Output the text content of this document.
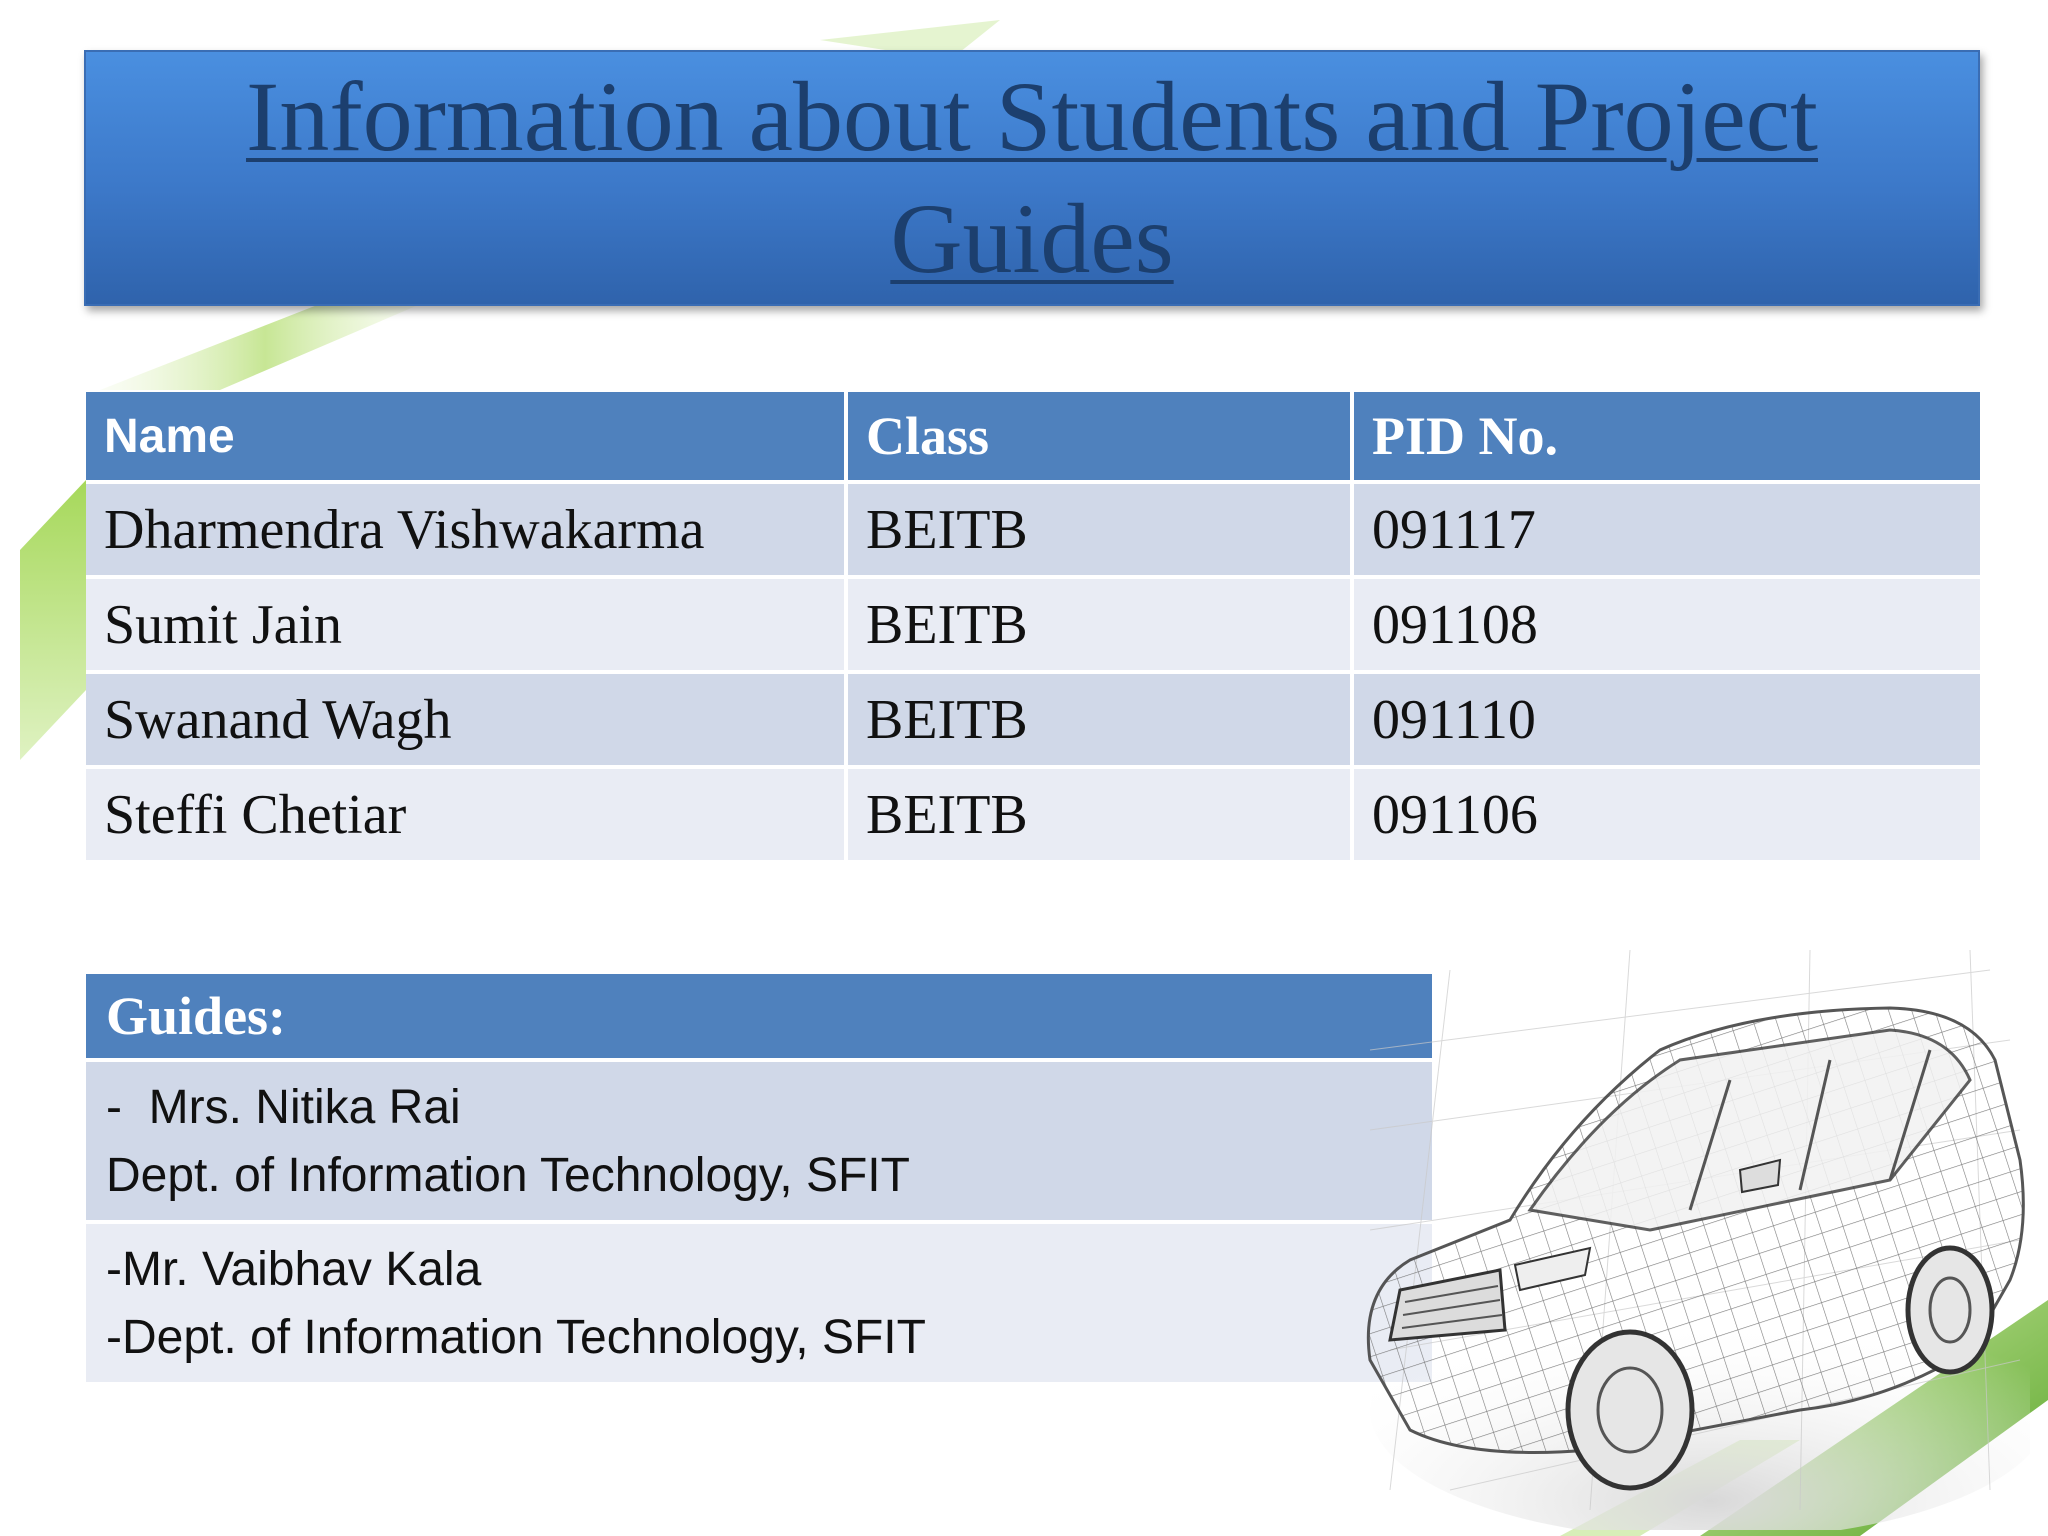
Information about Students and Project Guides
Name	Class	PID No.
Dharmendra Vishwakarma	BEITB	091117
Sumit Jain	BEITB	091108
Swanand Wagh	BEITB	091110
Steffi Chetiar	BEITB	091106
Guides:
-  Mrs. Nitika Rai
Dept. of Information Technology, SFIT
-Mr. Vaibhav Kala
-Dept. of Information Technology, SFIT
